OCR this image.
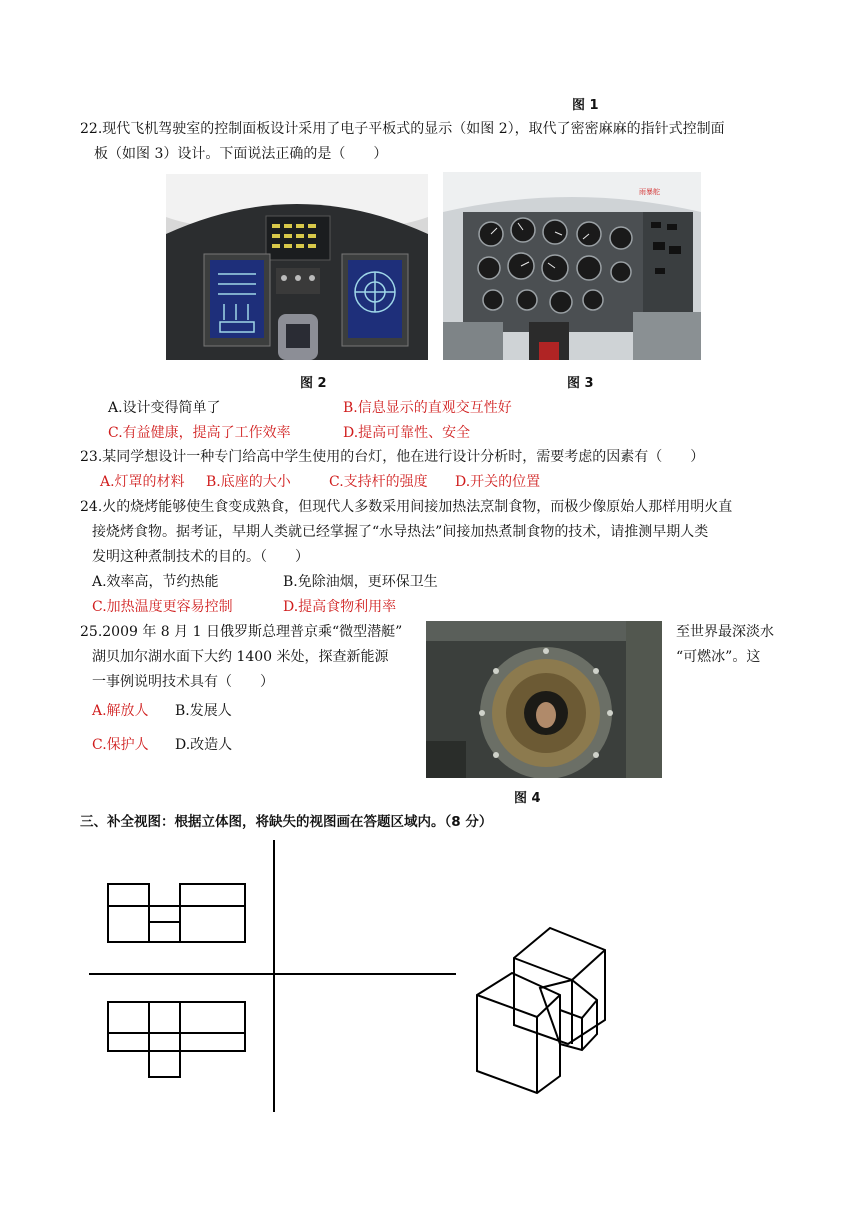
图 1
22.现代飞机驾驶室的控制面板设计采用了电子平板式的显示（如图 2），取代了密密麻麻的指针式控制面
板（如图 3）设计。下面说法正确的是（　　）
雨暴舵
图 2	图 3
A.设计变得简单了	B.信息显示的直观交互性好
C.有益健康，提高了工作效率	D.提高可靠性、安全
23.某同学想设计一种专门给高中学生使用的台灯，他在进行设计分析时，需要考虑的因素有（　　）
A.灯罩的材料 B.底座的大小	C.支持杆的强度 D.开关的位置
24.火的烧烤能够使生食变成熟食，但现代人多数采用间接加热法烹制食物，而极少像原始人那样用明火直
接烧烤食物。据考证，早期人类就已经掌握了“水导热法”间接加热煮制食物的技术，请推测早期人类
发明这种煮制技术的目的。（　　）
A.效率高，节约热能	B.免除油烟，更环保卫生
C.加热温度更容易控制	D.提高食物利用率
25.2009 年 8 月 1 日俄罗斯总理普京乘“微型潜艇”	至世界最深淡水
湖贝加尔湖水面下大约 1400 米处，探查新能源	“可燃冰”。这
一事例说明技术具有（　　）
A.解放人 B.发展人
C.保护人 D.改造人
图 4
三、补全视图：根据立体图，将缺失的视图画在答题区域内。（8 分）
